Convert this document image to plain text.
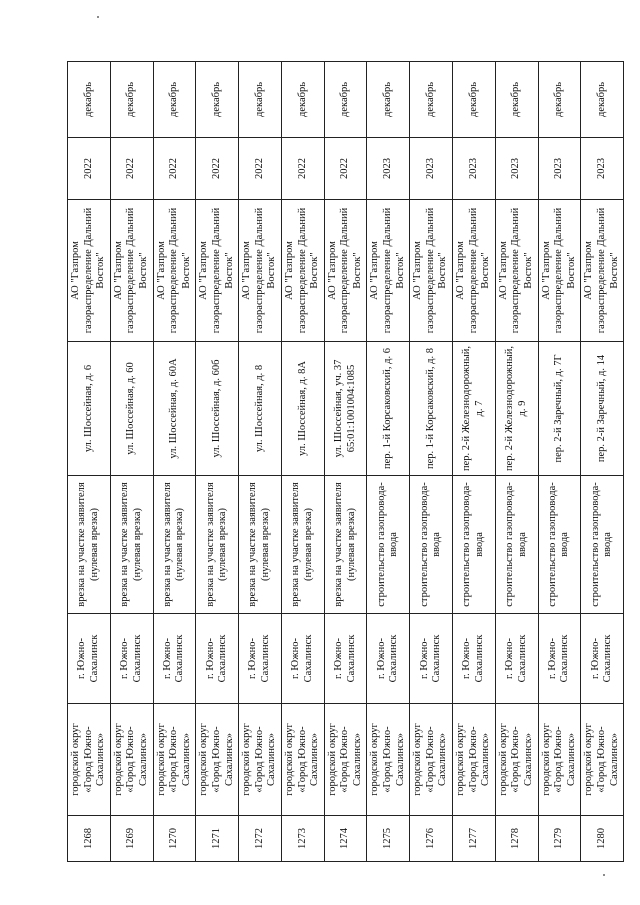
1268	городской округ «Город Южно-Сахалинск»	г. Южно-Сахалинск	врезка на участке заявителя (нулевая врезка)	ул. Шоссейная, д. 6	АО "Газпром газораспределение Дальний Восток"	2022	декабрь
1269	городской округ «Город Южно-Сахалинск»	г. Южно-Сахалинск	врезка на участке заявителя (нулевая врезка)	ул. Шоссейная, д. 60	АО "Газпром газораспределение Дальний Восток"	2022	декабрь
1270	городской округ «Город Южно-Сахалинск»	г. Южно-Сахалинск	врезка на участке заявителя (нулевая врезка)	ул. Шоссейная, д. 60А	АО "Газпром газораспределение Дальний Восток"	2022	декабрь
1271	городской округ «Город Южно-Сахалинск»	г. Южно-Сахалинск	врезка на участке заявителя (нулевая врезка)	ул. Шоссейная, д. 60б	АО "Газпром газораспределение Дальний Восток"	2022	декабрь
1272	городской округ «Город Южно-Сахалинск»	г. Южно-Сахалинск	врезка на участке заявителя (нулевая врезка)	ул. Шоссейная, д. 8	АО "Газпром газораспределение Дальний Восток"	2022	декабрь
1273	городской округ «Город Южно-Сахалинск»	г. Южно-Сахалинск	врезка на участке заявителя (нулевая врезка)	ул. Шоссейная, д. 8А	АО "Газпром газораспределение Дальний Восток"	2022	декабрь
1274	городской округ «Город Южно-Сахалинск»	г. Южно-Сахалинск	врезка на участке заявителя (нулевая врезка)	ул. Шоссейная, уч. 37 65:01:1001004:1085	АО "Газпром газораспределение Дальний Восток"	2022	декабрь
1275	городской округ «Город Южно-Сахалинск»	г. Южно-Сахалинск	строительство газопровода-ввода	пер. 1-й Корсаковский, д. 6	АО "Газпром газораспределение Дальний Восток"	2023	декабрь
1276	городской округ «Город Южно-Сахалинск»	г. Южно-Сахалинск	строительство газопровода-ввода	пер. 1-й Корсаковский, д. 8	АО "Газпром газораспределение Дальний Восток"	2023	декабрь
1277	городской округ «Город Южно-Сахалинск»	г. Южно-Сахалинск	строительство газопровода-ввода	пер. 2-й Железнодорожный, д. 7	АО "Газпром газораспределение Дальний Восток"	2023	декабрь
1278	городской округ «Город Южно-Сахалинск»	г. Южно-Сахалинск	строительство газопровода-ввода	пер. 2-й Железнодорожный, д. 9	АО "Газпром газораспределение Дальний Восток"	2023	декабрь
1279	городской округ «Город Южно-Сахалинск»	г. Южно-Сахалинск	строительство газопровода-ввода	пер. 2-й Заречный, д. 7Г	АО "Газпром газораспределение Дальний Восток"	2023	декабрь
1280	городской округ «Город Южно-Сахалинск»	г. Южно-Сахалинск	строительство газопровода-ввода	пер. 2-й Заречный, д. 14	АО "Газпром газораспределение Дальний Восток"	2023	декабрь
